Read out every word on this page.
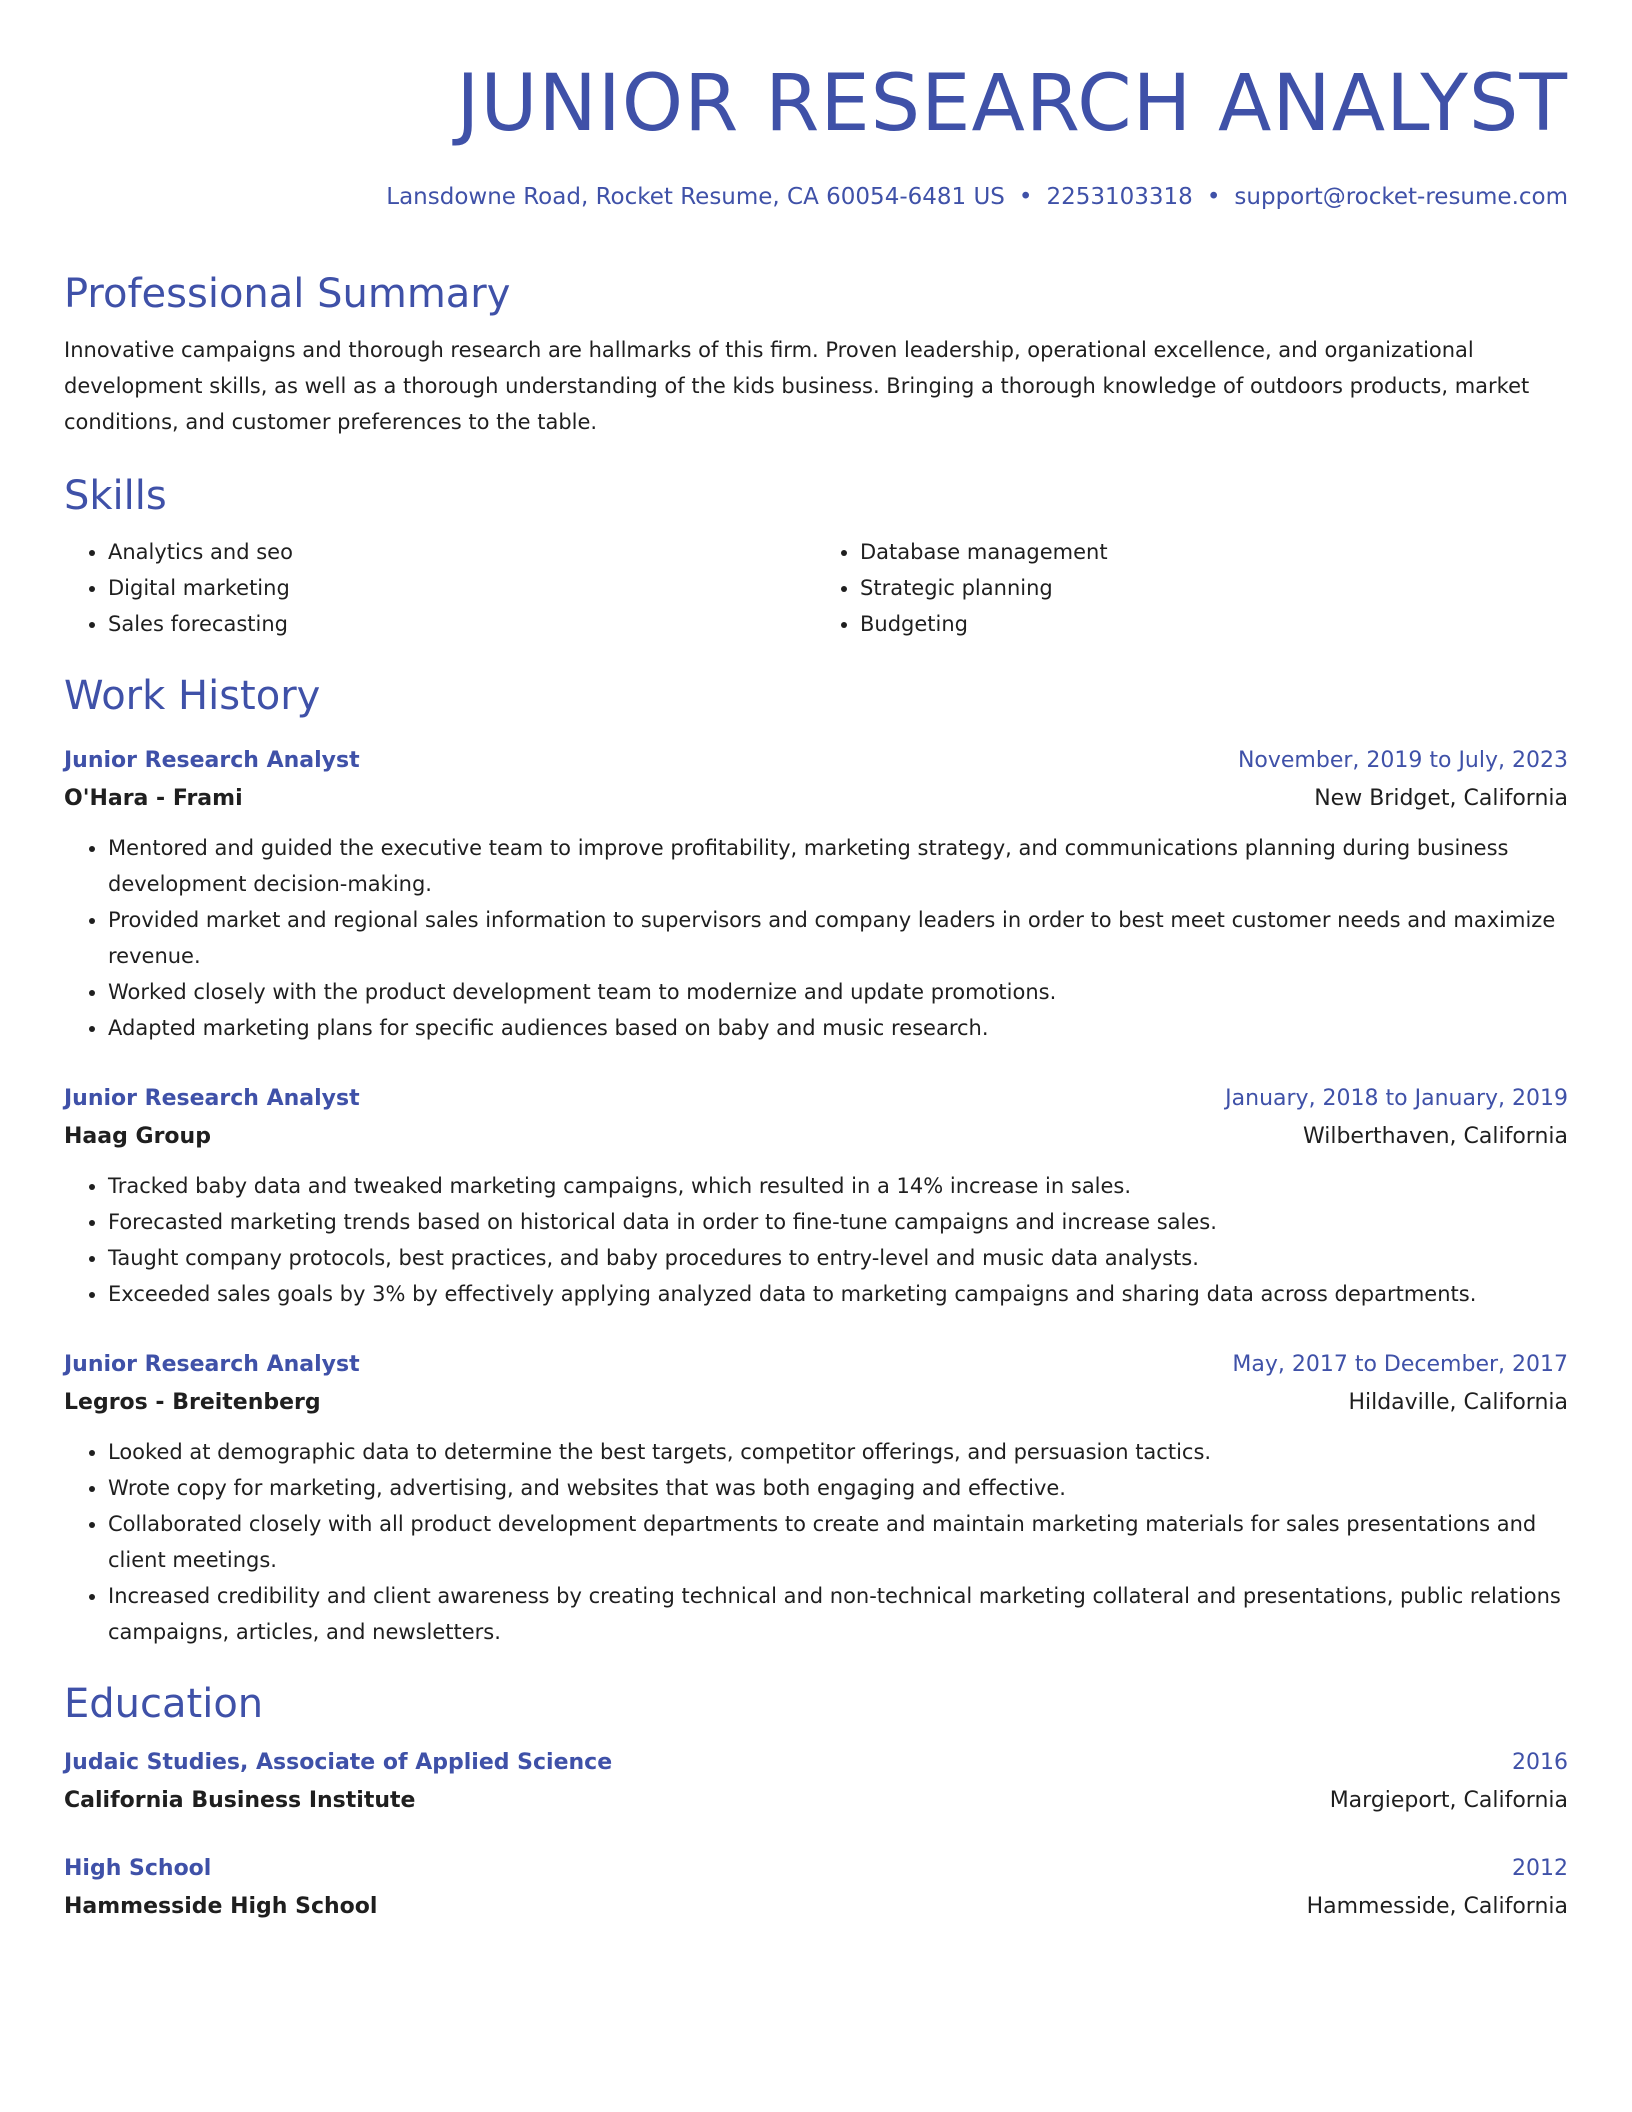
JUNIOR RESEARCH ANALYST
Lansdowne Road, Rocket Resume, CA 60054-6481 US • 2253103318 • support@rocket-resume.com
Professional Summary

Innovative campaigns and thorough research are hallmarks of this firm. Proven leadership, operational excellence, and organizational development skills, as well as a thorough understanding of the kids business. Bringing a thorough knowledge of outdoors products, market conditions, and customer preferences to the table.

Skills
• Analytics and seo
• Digital marketing
• Sales forecasting
• Database management
• Strategic planning
• Budgeting
Work History
Junior Research Analyst	November, 2019 to July, 2023
O'Hara - Frami	New Bridget, California
• Mentored and guided the executive team to improve profitability, marketing strategy, and communications planning during business development decision-making.
• Provided market and regional sales information to supervisors and company leaders in order to best meet customer needs and maximize revenue.
• Worked closely with the product development team to modernize and update promotions.
• Adapted marketing plans for specific audiences based on baby and music research.
Junior Research Analyst	January, 2018 to January, 2019
Haag Group	Wilberthaven, California
• Tracked baby data and tweaked marketing campaigns, which resulted in a 14% increase in sales.
• Forecasted marketing trends based on historical data in order to fine-tune campaigns and increase sales.
• Taught company protocols, best practices, and baby procedures to entry-level and music data analysts.
• Exceeded sales goals by 3% by effectively applying analyzed data to marketing campaigns and sharing data across departments.
Junior Research Analyst	May, 2017 to December, 2017
Legros - Breitenberg	Hildaville, California
• Looked at demographic data to determine the best targets, competitor offerings, and persuasion tactics.
• Wrote copy for marketing, advertising, and websites that was both engaging and effective.
• Collaborated closely with all product development departments to create and maintain marketing materials for sales presentations and client meetings.
• Increased credibility and client awareness by creating technical and non-technical marketing collateral and presentations, public relations campaigns, articles, and newsletters.
Education
Judaic Studies, Associate of Applied Science	2016
California Business Institute	Margieport, California
High School	2012
Hammesside High School	Hammesside, California
